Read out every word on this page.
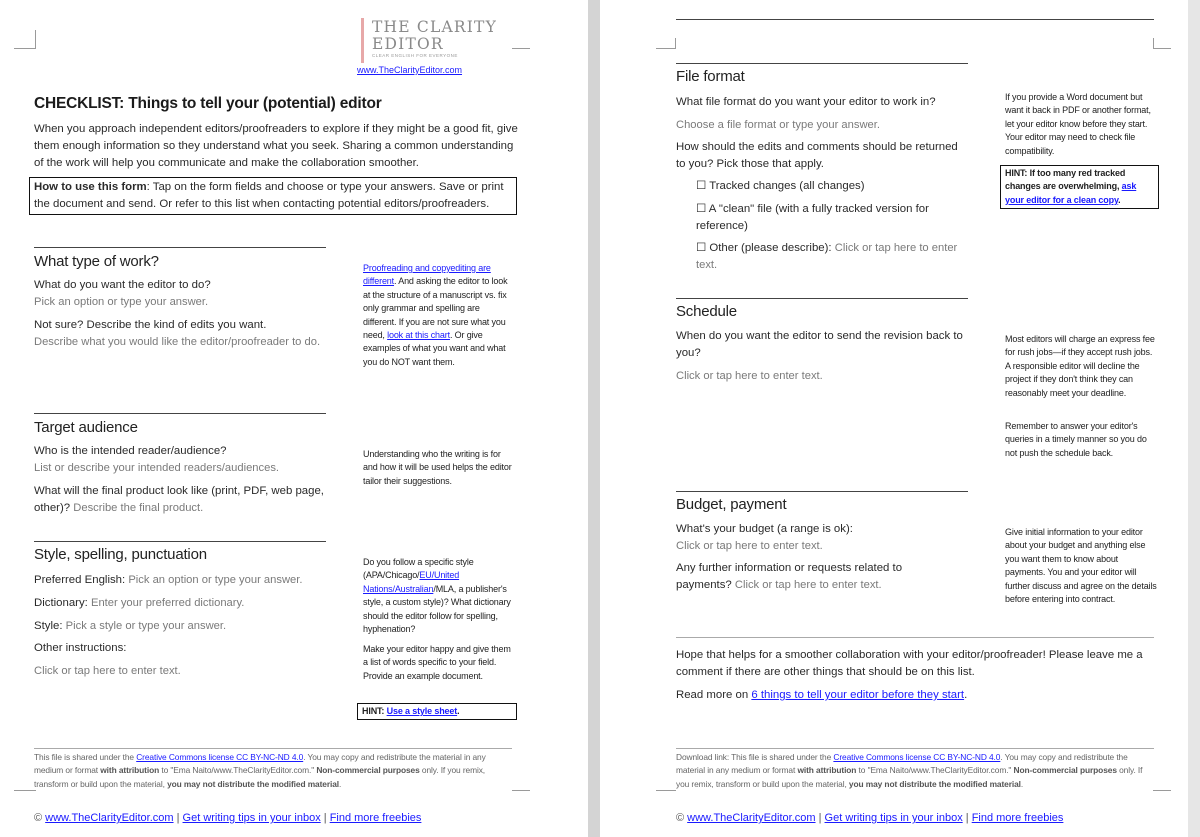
THE CLARITY
EDITOR
CLEAR ENGLISH FOR EVERYONE
www.TheClarityEditor.com
CHECKLIST: Things to tell your (potential) editor
When you approach independent editors/proofreaders to explore if they might be a good fit, give them enough information so they understand what you seek. Sharing a common understanding of the work will help you communicate and make the collaboration smoother.
How to use this form: Tap on the form fields and choose or type your answers. Save or print the document and send. Or refer to this list when contacting potential editors/proofreaders.
What type of work?
What do you want the editor to do?
Pick an option or type your answer.
Not sure? Describe the kind of edits you want.
Describe what you would like the editor/proofreader to do.
Proofreading and copyediting are different. And asking the editor to look at the structure of a manuscript vs. fix only grammar and spelling are different. If you are not sure what you need, look at this chart. Or give examples of what you want and what you do NOT want them.
Target audience
Who is the intended reader/audience?
List or describe your intended readers/audiences.
What will the final product look like (print, PDF, web page, other)? Describe the final product.
Understanding who the writing is for and how it will be used helps the editor tailor their suggestions.
Style, spelling, punctuation
Preferred English: Pick an option or type your answer.
Dictionary: Enter your preferred dictionary.
Style: Pick a style or type your answer.
Other instructions:
Click or tap here to enter text.
Do you follow a specific style (APA/Chicago/EU/United Nations/Australian/MLA, a publisher's style, a custom style)? What dictionary should the editor follow for spelling, hyphenation?
Make your editor happy and give them a list of words specific to your field. Provide an example document.
HINT: Use a style sheet.
This file is shared under the Creative Commons license CC BY-NC-ND 4.0. You may copy and redistribute the material in any medium or format with attribution to "Ema Naito/www.TheClarityEditor.com." Non-commercial purposes only. If you remix, transform or build upon the material, you may not distribute the modified material.
© www.TheClarityEditor.com | Get writing tips in your inbox | Find more freebies
File format
What file format do you want your editor to work in?
Choose a file format or type your answer.
How should the edits and comments should be returned to you? Pick those that apply.
☐ Tracked changes (all changes)
☐ A "clean" file (with a fully tracked version for reference)
☐ Other (please describe): Click or tap here to enter text.
If you provide a Word document but want it back in PDF or another format, let your editor know before they start. Your editor may need to check file compatibility.
HINT: If too many red tracked changes are overwhelming, ask your editor for a clean copy.
Schedule
When do you want the editor to send the revision back to you?
Click or tap here to enter text.
Most editors will charge an express fee for rush jobs—if they accept rush jobs. A responsible editor will decline the project if they don't think they can reasonably meet your deadline.
Remember to answer your editor's queries in a timely manner so you do not push the schedule back.
Budget, payment
What's your budget (a range is ok):
Click or tap here to enter text.
Any further information or requests related to payments? Click or tap here to enter text.
Give initial information to your editor about your budget and anything else you want them to know about payments. You and your editor will further discuss and agree on the details before entering into contract.
Hope that helps for a smoother collaboration with your editor/proofreader! Please leave me a comment if there are other things that should be on this list.
Read more on 6 things to tell your editor before they start.
Download link: This file is shared under the Creative Commons license CC BY-NC-ND 4.0. You may copy and redistribute the material in any medium or format with attribution to "Ema Naito/www.TheClarityEditor.com." Non-commercial purposes only. If you remix, transform or build upon the material, you may not distribute the modified material.
© www.TheClarityEditor.com | Get writing tips in your inbox | Find more freebies
